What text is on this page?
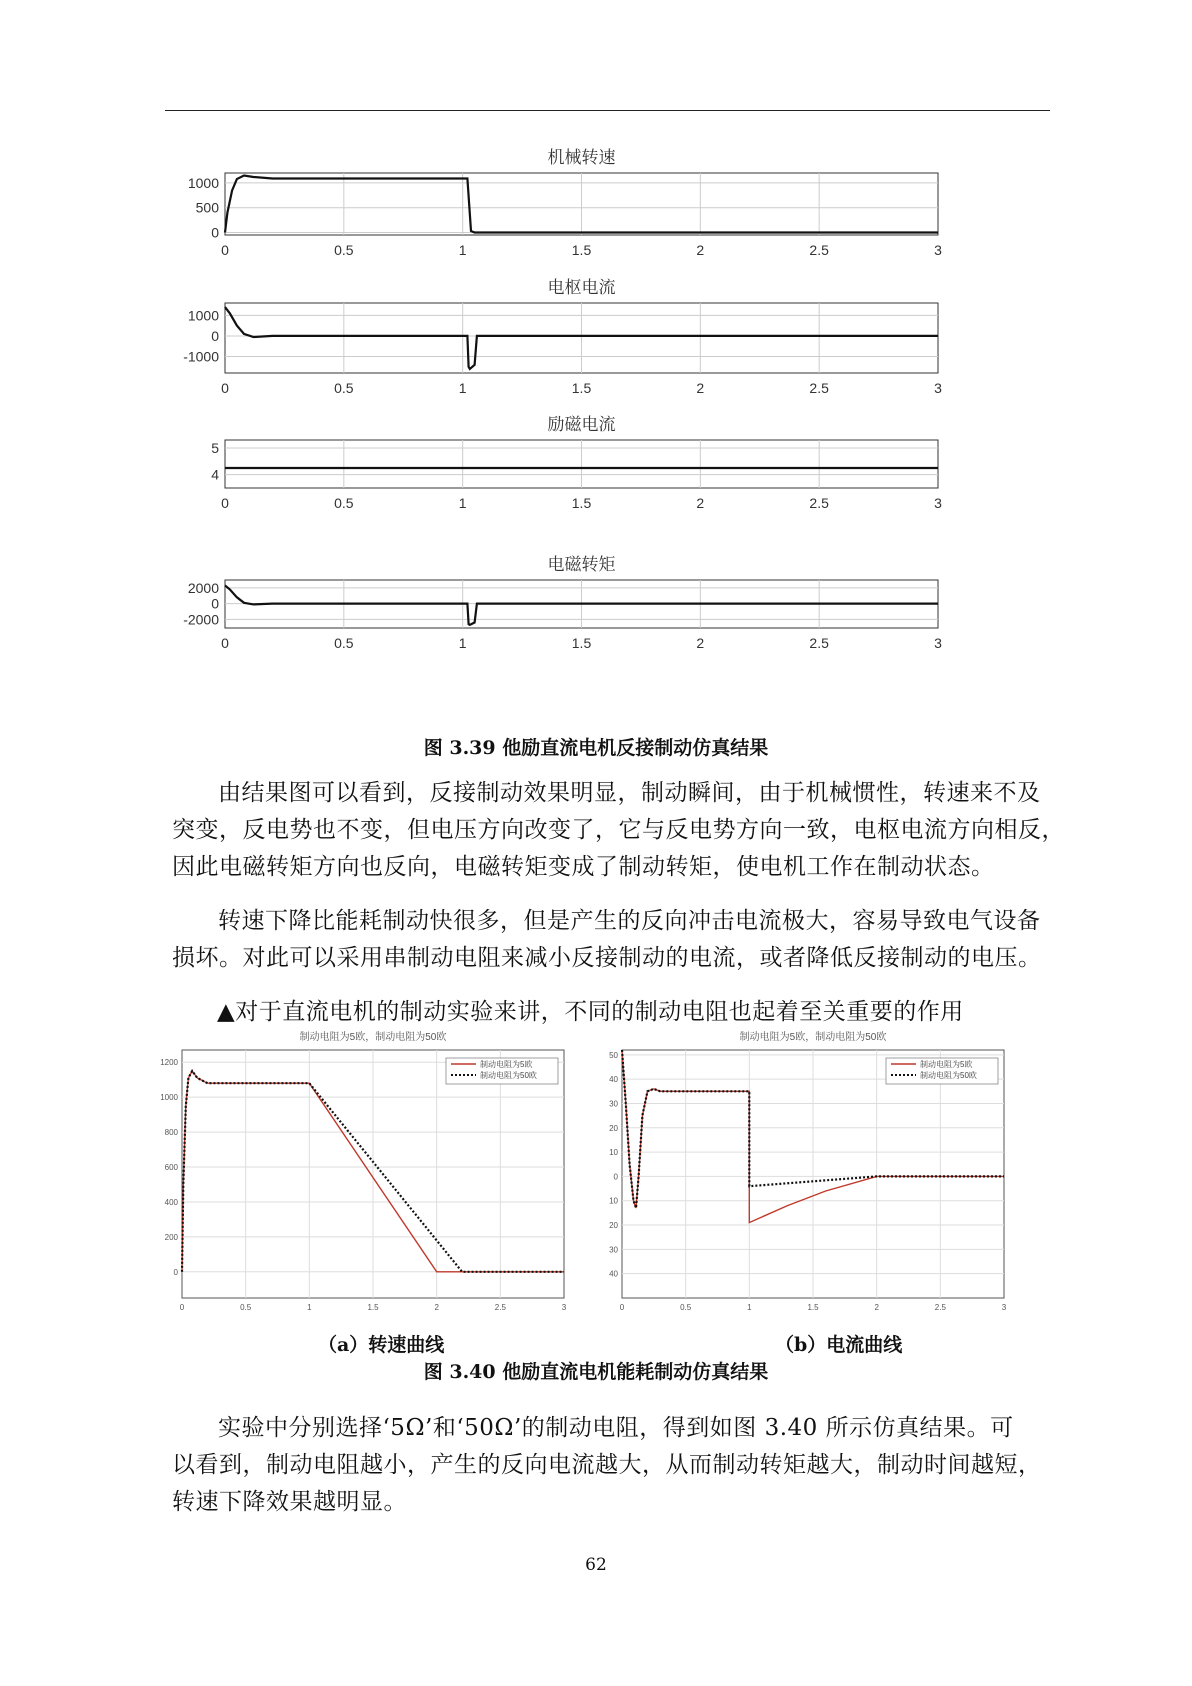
机械转速
0	0.5	1	1.5	2	2.5	3
1000
500
0
电枢电流
0	0.5	1	1.5	2	2.5	3
1000
0
-1000
励磁电流
0	0.5	1	1.5	2	2.5	3
5
4
电磁转矩
0	0.5	1	1.5	2	2.5	3
2000
0
-2000
图 3.39 他励直流电机反接制动仿真结果
由结果图可以看到，反接制动效果明显，制动瞬间，由于机械惯性，转速来不及
突变，反电势也不变，但电压方向改变了，它与反电势方向一致，电枢电流方向相反，
因此电磁转矩方向也反向，电磁转矩变成了制动转矩，使电机工作在制动状态。
转速下降比能耗制动快很多，但是产生的反向冲击电流极大，容易导致电气设备
损坏。对此可以采用串制动电阻来减小反接制动的电流，或者降低反接制动的电压。
▲对于直流电机的制动实验来讲，不同的制动电阻也起着至关重要的作用
制动电阻为5欧，制动电阻为50欧
0	0.5	1	1.5	2	2.5	3
1200
1000
800
600
400
200
0
制动电阻为5欧
制动电阻为50欧
制动电阻为5欧，制动电阻为50欧
0	0.5	1	1.5	2	2.5	3
50
40
30
20
10
0
10
20
30
40
制动电阻为5欧
制动电阻为50欧
（a）转速曲线	（b）电流曲线
图 3.40 他励直流电机能耗制动仿真结果
实验中分别选择‘5Ω’和‘50Ω’的制动电阻，得到如图 3.40 所示仿真结果。可
以看到，制动电阻越小，产生的反向电流越大，从而制动转矩越大，制动时间越短，
转速下降效果越明显。
62
